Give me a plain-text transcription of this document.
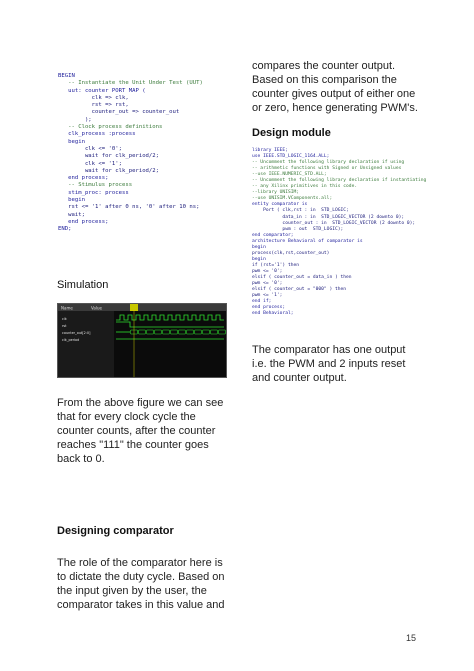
BEGIN
-- Instantiate the Unit Under Test (UUT)
uut: counter PORT MAP (
clk => clk,
rst => rst,
counter_out => counter_out
);
-- Clock process definitions
clk_process :process
begin
clk <= '0';
wait for clk_period/2;
clk <= '1';
wait for clk_period/2;
end process;
-- Stimulus process
stim_proc: process
begin
rst <= '1' after 0 ns, '0' after 10 ns;
wait;
end process;
END;
Simulation
Name	Value
clk
rst
counter_out[2:0]
clk_period
From the above figure we can see that for every clock cycle the counter counts, after the counter reaches "111" the counter goes back to 0.
Designing comparator
The role of the comparator here is to dictate the duty cycle. Based on the input given by the user, the comparator takes in this value and
compares the counter output. Based on this comparison the counter gives output of either one or zero, hence generating PWM's.
Design module
library IEEE;
use IEEE.STD_LOGIC_1164.ALL;
-- Uncomment the following library declaration if using
-- arithmetic functions with Signed or Unsigned values
--use IEEE.NUMERIC_STD.ALL;
-- Uncomment the following library declaration if instantiating
-- any Xilinx primitives in this code.
--library UNISIM;
--use UNISIM.VComponents.all;
entity comparator is
Port ( clk,rst : in  STD_LOGIC;
data_in : in  STD_LOGIC_VECTOR (2 downto 0);
counter_out : in  STD_LOGIC_VECTOR (2 downto 0);
pwm : out  STD_LOGIC);
end comparator;
architecture Behavioral of comparator is
begin
process(clk,rst,counter_out)
begin
if (rst='1') then
pwm <= '0';
elsif ( counter_out = data_in ) then
pwm <= '0';
elsif ( counter_out = "000" ) then
pwm <= '1';
end if;
end process;
end Behavioral;
The comparator has one output i.e. the PWM and 2 inputs reset and counter output.
15
